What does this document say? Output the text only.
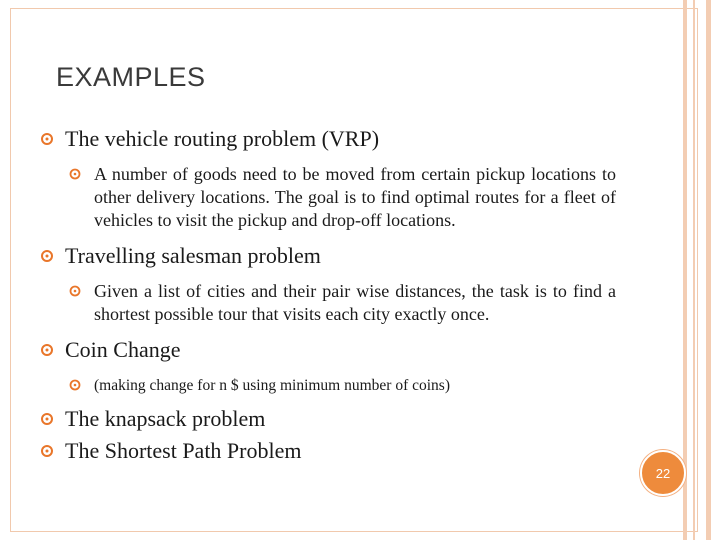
EXAMPLES
The vehicle routing problem (VRP)
A number of goods need to be moved from certain pickup locations to other delivery locations. The goal is to find optimal routes for a fleet of vehicles to visit the pickup and drop-off locations.
Travelling salesman problem
Given a list of cities and their pair wise distances, the task is to find a shortest possible tour that visits each city exactly once.
Coin Change
(making change for n $ using minimum number of coins)
The knapsack problem
The Shortest Path Problem
22
